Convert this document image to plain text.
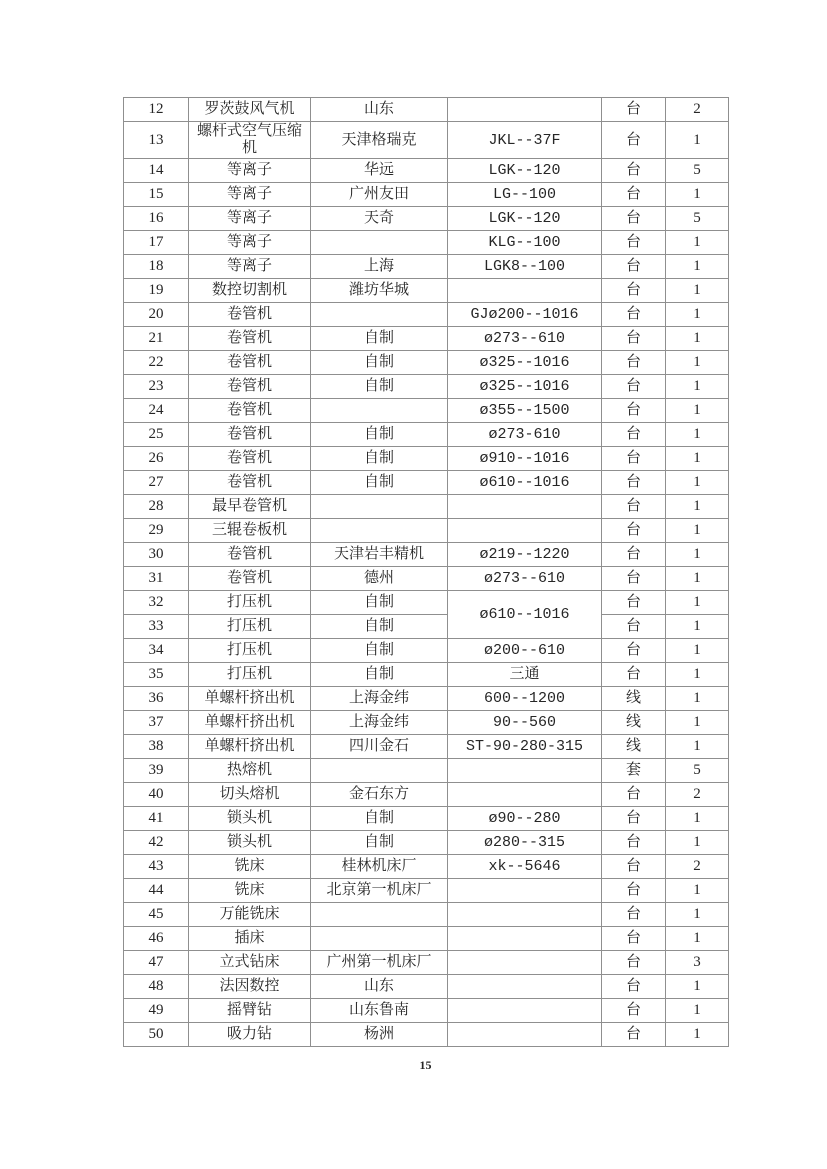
12	罗茨鼓风气机	山东		台	2
13	螺杆式空气压缩机	天津格瑞克	JKL--37F	台	1
14	等离子	华远	LGK--120	台	5
15	等离子	广州友田	LG--100	台	1
16	等离子	天奇	LGK--120	台	5
17	等离子		KLG--100	台	1
18	等离子	上海	LGK8--100	台	1
19	数控切割机	潍坊华城		台	1
20	卷管机		GJø200--1016	台	1
21	卷管机	自制	ø273--610	台	1
22	卷管机	自制	ø325--1016	台	1
23	卷管机	自制	ø325--1016	台	1
24	卷管机		ø355--1500	台	1
25	卷管机	自制	ø273-610	台	1
26	卷管机	自制	ø910--1016	台	1
27	卷管机	自制	ø610--1016	台	1
28	最早卷管机			台	1
29	三辊卷板机			台	1
30	卷管机	天津岩丰精机	ø219--1220	台	1
31	卷管机	德州	ø273--610	台	1
32	打压机	自制	ø610--1016	台	1
33	打压机	自制		台	1
34	打压机	自制	ø200--610	台	1
35	打压机	自制	三通	台	1
36	单螺杆挤出机	上海金纬	600--1200	线	1
37	单螺杆挤出机	上海金纬	90--560	线	1
38	单螺杆挤出机	四川金石	ST-90-280-315	线	1
39	热熔机			套	5
40	切头熔机	金石东方		台	2
41	锁头机	自制	ø90--280	台	1
42	锁头机	自制	ø280--315	台	1
43	铣床	桂林机床厂	xk--5646	台	2
44	铣床	北京第一机床厂		台	1
45	万能铣床			台	1
46	插床			台	1
47	立式钻床	广州第一机床厂		台	3
48	法因数控	山东		台	1
49	摇臂钻	山东鲁南		台	1
50	吸力钻	杨洲		台	1
15
